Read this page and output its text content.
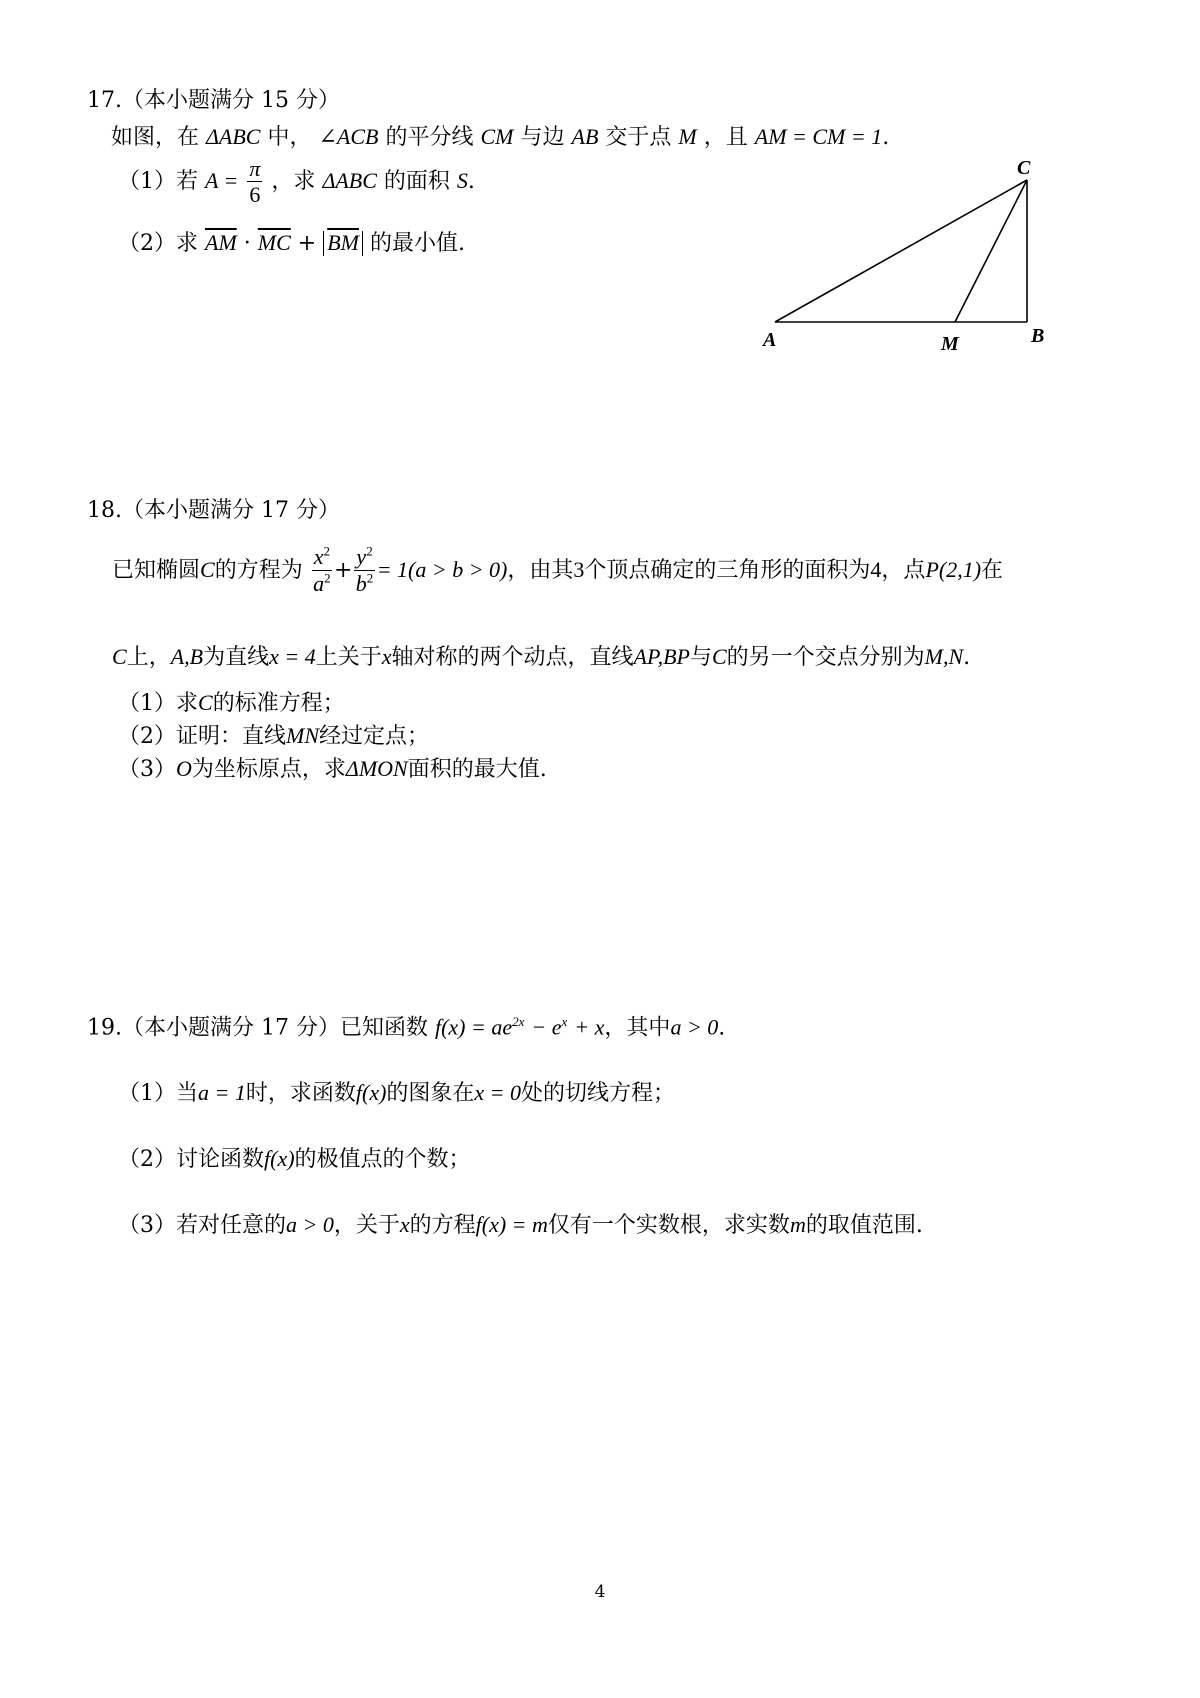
17.（本小题满分 15 分）
如图，在 ΔABC 中， ∠ACB 的平分线 CM 与边 AB 交于点 M ，且 AM = CM = 1.
（1）若 $A = \frac{\pi}{6}$ ，求 ΔABC 的面积 S.
（2）求 $\overline{AM} \cdot \overline{MC} + \overline{BM}$ 的最小值.
C
A	M	B
18.（本小题满分 17 分）
已知椭圆C的方程为 $\frac{x^2}{a^2} + \frac{y^2}{b^2} = 1(a > b > 0)$，由其3个顶点确定的三角形的面积为4，点P(2,1)在
C上，A,B为直线x = 4上关于x轴对称的两个动点，直线AP,BP与C的另一个交点分别为M,N.
（1）求C的标准方程；
（2）证明：直线MN经过定点；
（3）O为坐标原点，求ΔMON面积的最大值.
19.（本小题满分 17 分）已知函数 $f(x) = ae^{2x} - e^x + x$，其中a > 0.
（1）当a = 1时，求函数f(x)的图象在x = 0处的切线方程；
（2）讨论函数f(x)的极值点的个数；
（3）若对任意的a > 0，关于x的方程f(x) = m仅有一个实数根，求实数m的取值范围.
4
